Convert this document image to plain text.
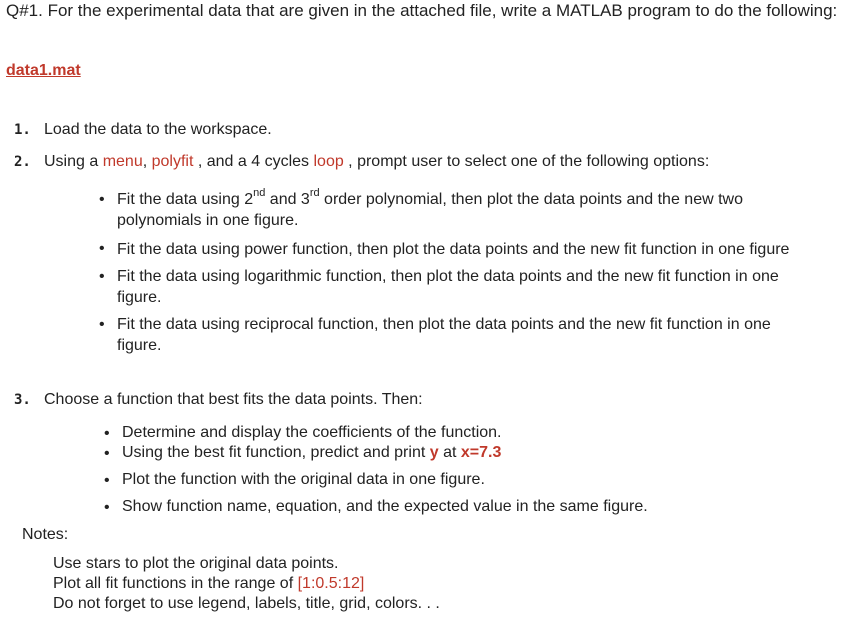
Q#1. For the experimental data that are given in the attached file, write a MATLAB program to do the following:
data1.mat
1. Load the data to the workspace.
2. Using a menu, polyfit , and a 4 cycles loop , prompt user to select one of the following options:
• Fit the data using 2nd and 3rd order polynomial, then plot the data points and the new two
polynomials in one figure.
• Fit the data using power function, then plot the data points and the new fit function in one figure
• Fit the data using logarithmic function, then plot the data points and the new fit function in one
figure.
• Fit the data using reciprocal function, then plot the data points and the new fit function in one
figure.
3. Choose a function that best fits the data points. Then:
• Determine and display the coefficients of the function.
• Using the best fit function, predict and print y at x=7.3
• Plot the function with the original data in one figure.
• Show function name, equation, and the expected value in the same figure.
Notes:
Use stars to plot the original data points.
Plot all fit functions in the range of [1:0.5:12]
Do not forget to use legend, labels, title, grid, colors. . .
